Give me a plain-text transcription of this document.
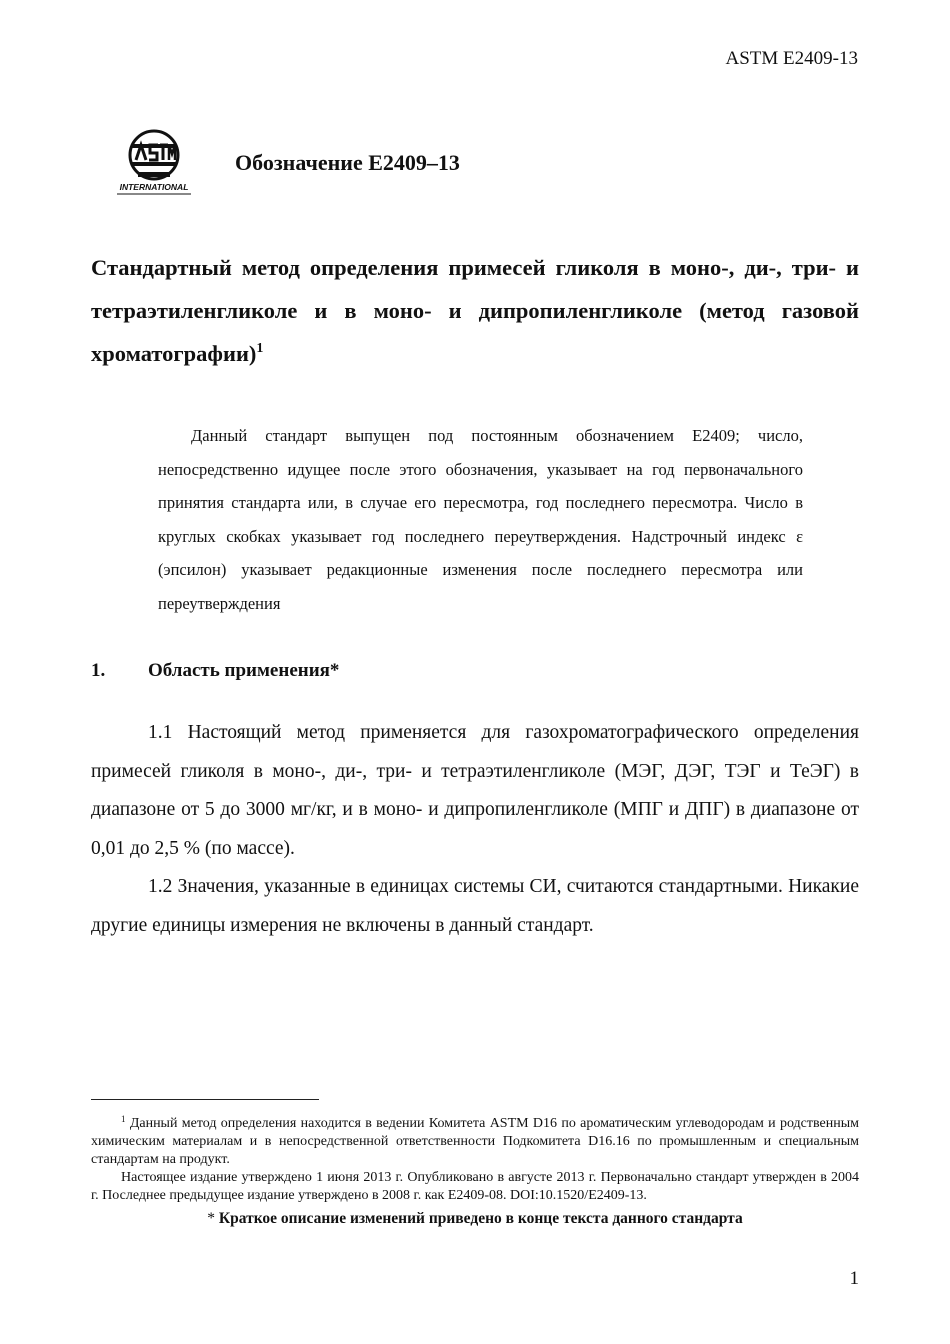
ASTM E2409-13
INTERNATIONAL
Обозначение E2409–13
Стандартный метод определения примесей гликоля в моно-, ди-, три- и тетраэтиленгликоле и в моно- и дипропиленгликоле (метод газовой хроматографии)$^1$
Данный стандарт выпущен под постоянным обозначением E2409; число, непосредственно идущее после этого обозначения, указывает на год первоначального принятия стандарта или, в случае его пересмотра, год последнего пересмотра. Число в круглых скобках указывает год последнего переутверждения. Надстрочный индекс ε (эпсилон) указывает редакционные изменения после последнего пересмотра или переутверждения
1. Область применения*
1.1 Настоящий метод применяется для газохроматографического определения примесей гликоля в моно-, ди-, три- и тетраэтиленгликоле (МЭГ, ДЭГ, ТЭГ и ТеЭГ) в диапазоне от 5 до 3000 мг/кг, и в моно- и дипропиленгликоле (МПГ и ДПГ) в диапазоне от 0,01 до 2,5 % (по массе).
1.2 Значения, указанные в единицах системы СИ, считаются стандартными. Никакие другие единицы измерения не включены в данный стандарт.
$^1$ Данный метод определения находится в ведении Комитета ASTM D16 по ароматическим углеводородам и родственным химическим материалам и в непосредственной ответственности Подкомитета D16.16 по промышленным и специальным стандартам на продукт.
Настоящее издание утверждено 1 июня 2013 г. Опубликовано в августе 2013 г. Первоначально стандарт утвержден в 2004 г. Последнее предыдущее издание утверждено в 2008 г. как E2409-08. DOI:10.1520/E2409-13.
* Краткое описание изменений приведено в конце текста данного стандарта
1
